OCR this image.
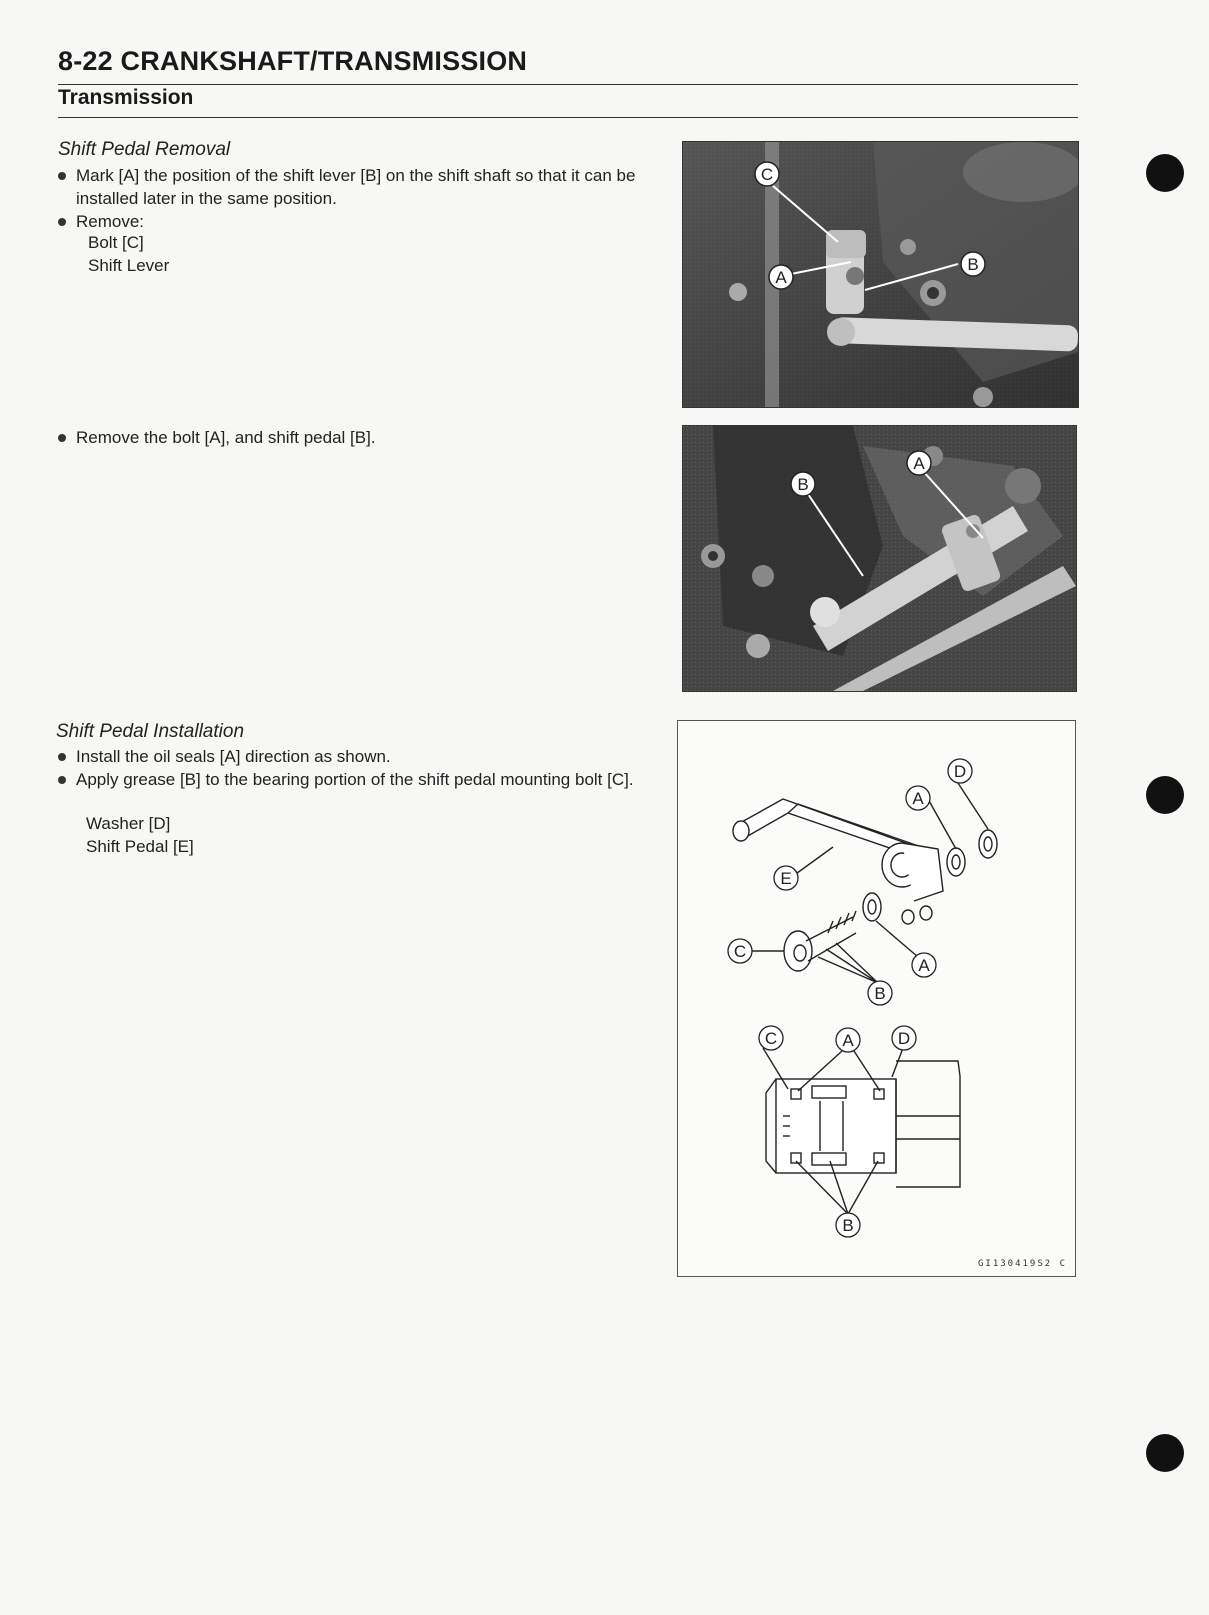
8-22 CRANKSHAFT/TRANSMISSION
Transmission
Shift Pedal Removal
Mark [A] the position of the shift lever [B] on the shift shaft so that it can be installed later in the same position.
Remove:
Bolt [C]
Shift Lever
Remove the bolt [A], and shift pedal [B].
Shift Pedal Installation
Install the oil seals [A] direction as shown.
Apply grease [B] to the bearing portion of the shift pedal mounting bolt [C].
Washer [D]
Shift Pedal [E]
C
A
B
A
B
D
A
E
C
A
B
C	A	D
B
GI130419S2 C
